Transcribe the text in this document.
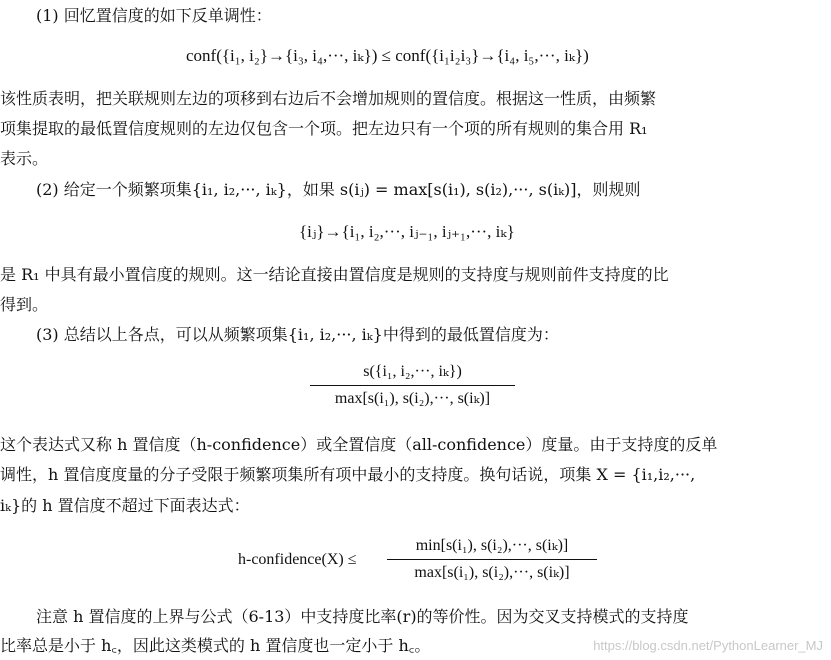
(1) 回忆置信度的如下反单调性：
conf({i₁, i₂}→{i₃, i₄,···, iₖ}) ≤ conf({i₁i₂i₃}→{i₄, i₅,···, iₖ})
该性质表明，把关联规则左边的项移到右边后不会增加规则的置信度。根据这一性质，由频繁
项集提取的最低置信度规则的左边仅包含一个项。把左边只有一个项的所有规则的集合用 R₁
表示。
(2) 给定一个频繁项集{i₁, i₂,···, iₖ}，如果 s(iⱼ) = max[s(i₁), s(i₂),···, s(iₖ)]，则规则
{iⱼ}→{i₁, i₂,···, iⱼ₋₁, iⱼ₊₁,···, iₖ}
是 R₁ 中具有最小置信度的规则。这一结论直接由置信度是规则的支持度与规则前件支持度的比
得到。
(3) 总结以上各点，可以从频繁项集{i₁, i₂,···, iₖ}中得到的最低置信度为：
s({i₁, i₂,···, iₖ})
max[s(i₁), s(i₂),···, s(iₖ)]
这个表达式又称 h 置信度（h-confidence）或全置信度（all-confidence）度量。由于支持度的反单
调性，h 置信度度量的分子受限于频繁项集所有项中最小的支持度。换句话说，项集 X = {i₁,i₂,···,
iₖ}的 h 置信度不超过下面表达式：
h-confidence(X) ≤
min[s(i₁), s(i₂),···, s(iₖ)]
max[s(i₁), s(i₂),···, s(iₖ)]
注意 h 置信度的上界与公式（6-13）中支持度比率(r)的等价性。因为交叉支持模式的支持度
比率总是小于 h꜀，因此这类模式的 h 置信度也一定小于 h꜀。	https://blog.csdn.net/PythonLearner_MJ
